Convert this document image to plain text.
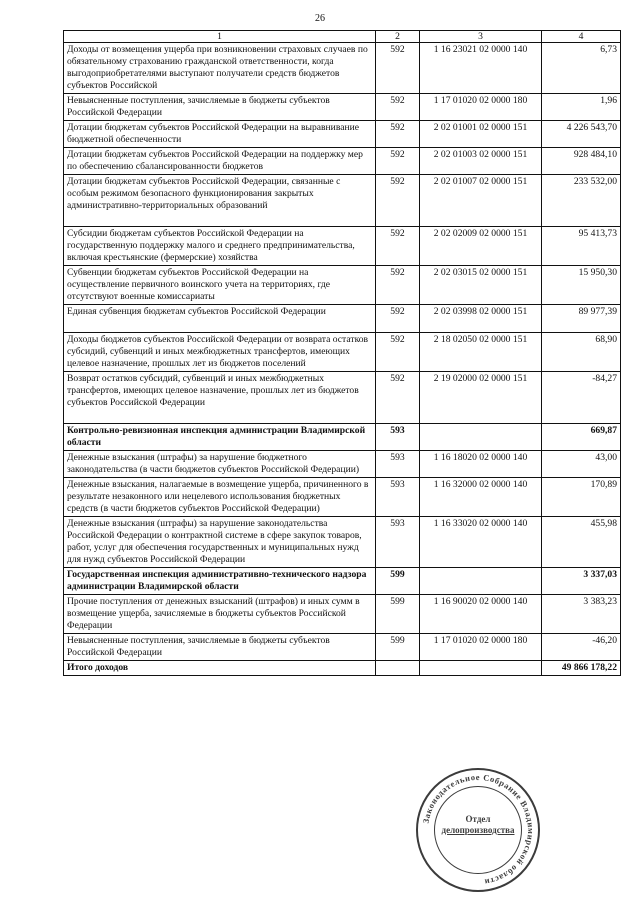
26
1	2	3	4
Доходы от возмещения ущерба при возникновении страховых случаев по обязательному страхованию гражданской ответственности, когда выгодоприобретателями выступают получатели средств бюджетов субъектов Российской	592	1 16 23021 02 0000 140	6,73
Невыясненные поступления, зачисляемые в бюджеты субъектов Российской Федерации	592	1 17 01020 02 0000 180	1,96
Дотации бюджетам субъектов Российской Федерации на выравнивание бюджетной обеспеченности	592	2 02 01001 02 0000 151	4 226 543,70
Дотации бюджетам субъектов Российской Федерации на поддержку мер по обеспечению сбалансированности бюджетов	592	2 02 01003 02 0000 151	928 484,10
Дотации бюджетам субъектов Российской Федерации, связанные с особым режимом безопасного функционирования закрытых административно-территориальных образований	592	2 02 01007 02 0000 151	233 532,00
Субсидии бюджетам субъектов Российской Федерации на государственную поддержку малого и среднего предпринимательства, включая крестьянские (фермерские) хозяйства	592	2 02 02009 02 0000 151	95 413,73
Субвенции бюджетам субъектов Российской Федерации на осуществление первичного воинского учета на территориях, где отсутствуют военные комиссариаты	592	2 02 03015 02 0000 151	15 950,30
Единая субвенция бюджетам субъектов Российской Федерации	592	2 02 03998 02 0000 151	89 977,39
Доходы бюджетов субъектов Российской Федерации от возврата остатков субсидий, субвенций и иных межбюджетных трансфертов, имеющих целевое назначение, прошлых лет из бюджетов поселений	592	2 18 02050 02 0000 151	68,90
Возврат остатков субсидий, субвенций и иных межбюджетных трансфертов, имеющих целевое назначение, прошлых лет из бюджетов субъектов Российской Федерации	592	2 19 02000 02 0000 151	-84,27
Контрольно-ревизионная инспекция администрации Владимирской области	593		669,87
Денежные взыскания (штрафы) за нарушение бюджетного законодательства (в части бюджетов субъектов Российской Федерации)	593	1 16 18020 02 0000 140	43,00
Денежные взыскания, налагаемые в возмещение ущерба, причиненного в результате незаконного или нецелевого использования бюджетных средств (в части бюджетов субъектов Российской Федерации)	593	1 16 32000 02 0000 140	170,89
Денежные взыскания (штрафы) за нарушение законодательства Российской Федерации о контрактной системе в сфере закупок товаров, работ, услуг для обеспечения государственных и муниципальных нужд для нужд субъектов Российской Федерации	593	1 16 33020 02 0000 140	455,98
Государственная инспекция административно-технического надзора администрации Владимирской области	599		3 337,03
Прочие поступления от денежных взысканий (штрафов) и иных сумм в возмещение ущерба, зачисляемые в бюджеты субъектов Российской Федерации	599	1 16 90020 02 0000 140	3 383,23
Невыясненные поступления, зачисляемые в бюджеты субъектов Российской Федерации	599	1 17 01020 02 0000 180	-46,20
Итого доходов			49 866 178,22
Законодательное Собрание Владимирской области
Отдел
делопроизводства
